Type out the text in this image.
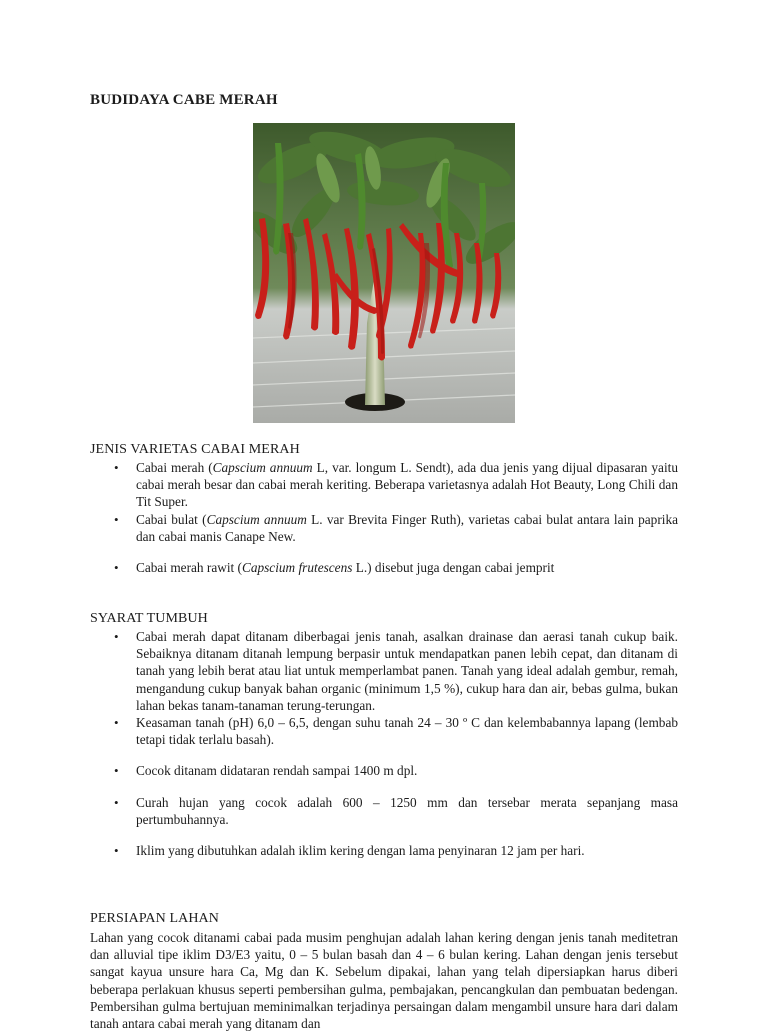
BUDIDAYA CABE MERAH
JENIS VARIETAS CABAI MERAH
• Cabai merah (Capscium annuum L, var. longum L. Sendt), ada dua jenis yang dijual dipasaran yaitu cabai merah besar dan cabai merah keriting. Beberapa varietasnya adalah Hot Beauty, Long Chili dan Tit Super.
• Cabai bulat (Capscium annuum L. var Brevita Finger Ruth), varietas cabai bulat antara lain paprika dan cabai manis Canape New.
• Cabai merah rawit (Capscium frutescens L.) disebut juga dengan cabai jemprit
SYARAT TUMBUH
• Cabai merah dapat ditanam diberbagai jenis tanah, asalkan drainase dan aerasi tanah cukup baik. Sebaiknya ditanam ditanah lempung berpasir untuk mendapatkan panen lebih cepat, dan ditanam di tanah yang lebih berat atau liat untuk memperlambat panen. Tanah yang ideal adalah gembur, remah, mengandung cukup banyak bahan organic (minimum 1,5 %), cukup hara dan air, bebas gulma, bukan lahan bekas tanam-tanaman terung-terungan.
• Keasaman tanah (pH) 6,0 – 6,5, dengan suhu tanah 24 – 30 º C dan kelembabannya lapang (lembab tetapi tidak terlalu basah).
• Cocok ditanam didataran rendah sampai 1400 m dpl.
• Curah hujan yang cocok adalah 600 – 1250 mm dan tersebar merata sepanjang masa pertumbuhannya.
• Iklim yang dibutuhkan adalah iklim kering dengan lama penyinaran 12 jam per hari.
PERSIAPAN LAHAN
Lahan yang cocok ditanami cabai pada musim penghujan adalah lahan kering dengan jenis tanah meditetran dan alluvial tipe iklim D3/E3 yaitu, 0 – 5 bulan basah dan 4 – 6 bulan kering. Lahan dengan jenis tersebut sangat kayua unsure hara Ca, Mg dan K. Sebelum dipakai, lahan yang telah dipersiapkan harus diberi beberapa perlakuan khusus seperti pembersihan gulma, pembajakan, pencangkulan dan pembuatan bedengan. Pembersihan gulma bertujuan meminimalkan terjadinya persaingan dalam mengambil unsure hara dari dalam tanah antara cabai merah yang ditanam dan
